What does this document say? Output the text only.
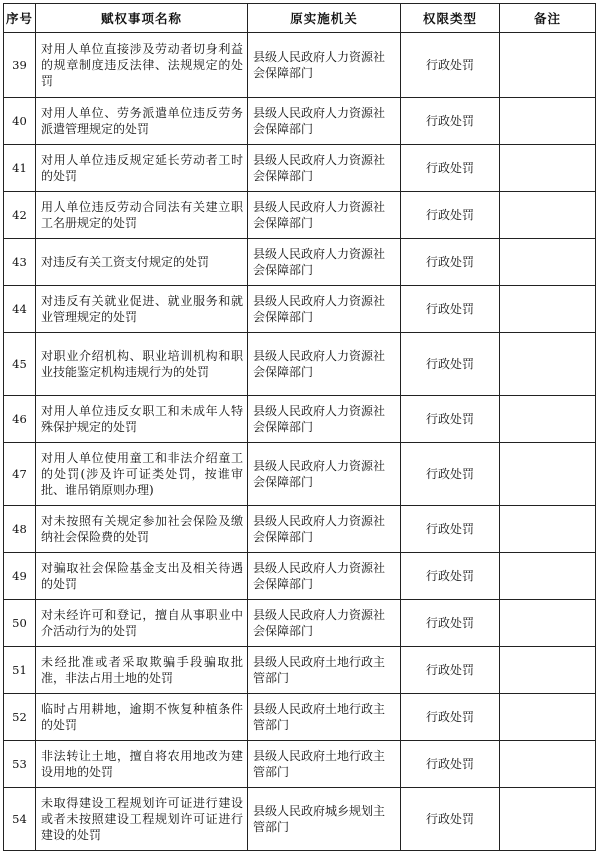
序号	赋权事项名称	原实施机关	权限类型	备注
39	对用人单位直接涉及劳动者切身利益的规章制度违反法律、法规规定的处罚	县级人民政府人力资源社会保障部门	行政处罚	
40	对用人单位、劳务派遣单位违反劳务派遣管理规定的处罚	县级人民政府人力资源社会保障部门	行政处罚	
41	对用人单位违反规定延长劳动者工时的处罚	县级人民政府人力资源社会保障部门	行政处罚	
42	用人单位违反劳动合同法有关建立职工名册规定的处罚	县级人民政府人力资源社会保障部门	行政处罚	
43	对违反有关工资支付规定的处罚	县级人民政府人力资源社会保障部门	行政处罚	
44	对违反有关就业促进、就业服务和就业管理规定的处罚	县级人民政府人力资源社会保障部门	行政处罚	
45	对职业介绍机构、职业培训机构和职业技能鉴定机构违规行为的处罚	县级人民政府人力资源社会保障部门	行政处罚	
46	对用人单位违反女职工和未成年人特殊保护规定的处罚	县级人民政府人力资源社会保障部门	行政处罚	
47	对用人单位使用童工和非法介绍童工的处罚(涉及许可证类处罚，按谁审批、谁吊销原则办理)	县级人民政府人力资源社会保障部门	行政处罚	
48	对未按照有关规定参加社会保险及缴纳社会保险费的处罚	县级人民政府人力资源社会保障部门	行政处罚	
49	对骗取社会保险基金支出及相关待遇的处罚	县级人民政府人力资源社会保障部门	行政处罚	
50	对未经许可和登记，擅自从事职业中介活动行为的处罚	县级人民政府人力资源社会保障部门	行政处罚	
51	未经批准或者采取欺骗手段骗取批准，非法占用土地的处罚	县级人民政府土地行政主管部门	行政处罚	
52	临时占用耕地，逾期不恢复种植条件的处罚	县级人民政府土地行政主管部门	行政处罚	
53	非法转让土地，擅自将农用地改为建设用地的处罚	县级人民政府土地行政主管部门	行政处罚	
54	未取得建设工程规划许可证进行建设或者未按照建设工程规划许可证进行建设的处罚	县级人民政府城乡规划主管部门	行政处罚	
